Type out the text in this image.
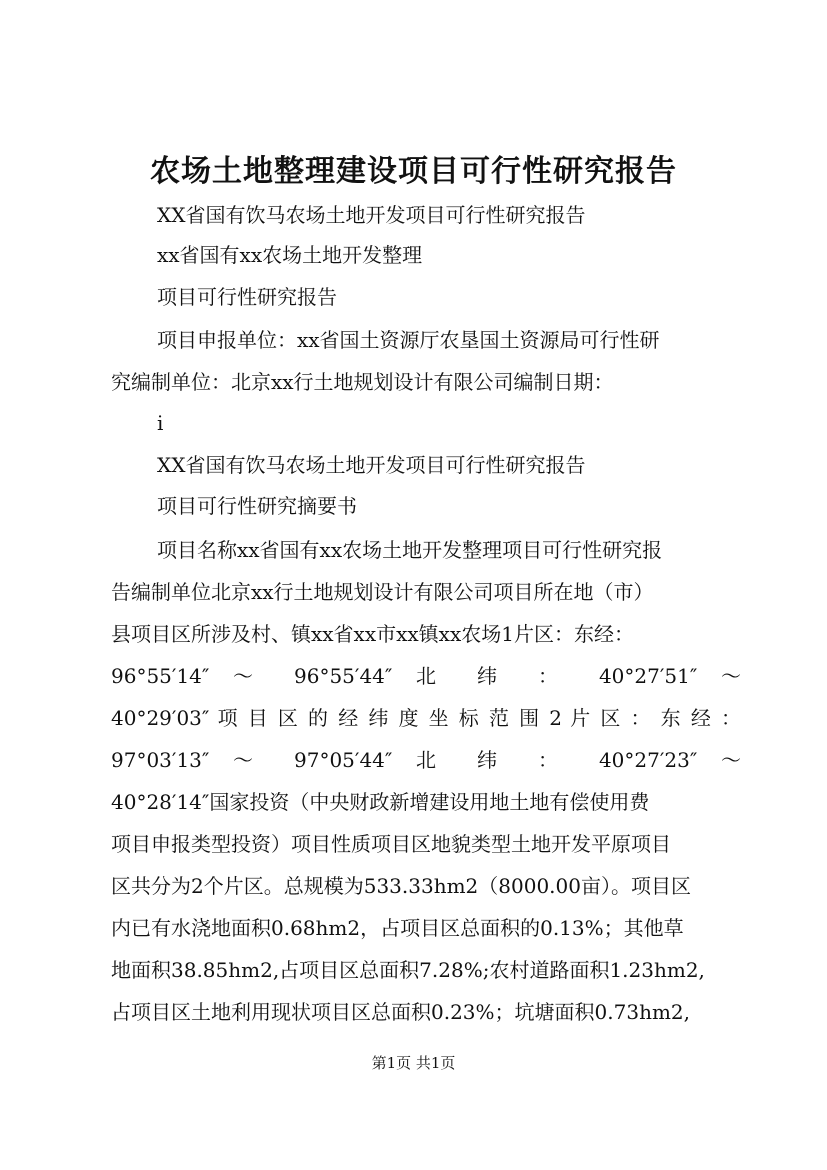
农场土地整理建设项目可行性研究报告
XX省国有饮马农场土地开发项目可行性研究报告
xx省国有xx农场土地开发整理
项目可行性研究报告
项目申报单位：xx省国土资源厅农垦国土资源局可行性研
究编制单位：北京xx行土地规划设计有限公司编制日期：
i
XX省国有饮马农场土地开发项目可行性研究报告
项目可行性研究摘要书
项目名称xx省国有xx农场土地开发整理项目可行性研究报
告编制单位北京xx行土地规划设计有限公司项目所在地（市）
县项目区所涉及村、镇xx省xx市xx镇xx农场1片区：东经：
96°55′14″ ～ 96°55′44″ 北 纬 ： 40°27′51″ ～
40°29′03″ 项 目 区 的 经 纬 度 坐 标 范 围 2 片 区 ： 东 经 ：
97°03′13″ ～ 97°05′44″ 北 纬 ： 40°27′23″ ～
40°28′14″国家投资（中央财政新增建设用地土地有偿使用费
项目申报类型投资）项目性质项目区地貌类型土地开发平原项目
区共分为2个片区。总规模为533.33hm2（8000.00亩）。项目区
内已有水浇地面积0.68hm2，占项目区总面积的0.13%；其他草
地面积38.85hm2,占项目区总面积7.28%;农村道路面积1.23hm2,
占项目区土地利用现状项目区总面积0.23%；坑塘面积0.73hm2,
第1页 共1页
